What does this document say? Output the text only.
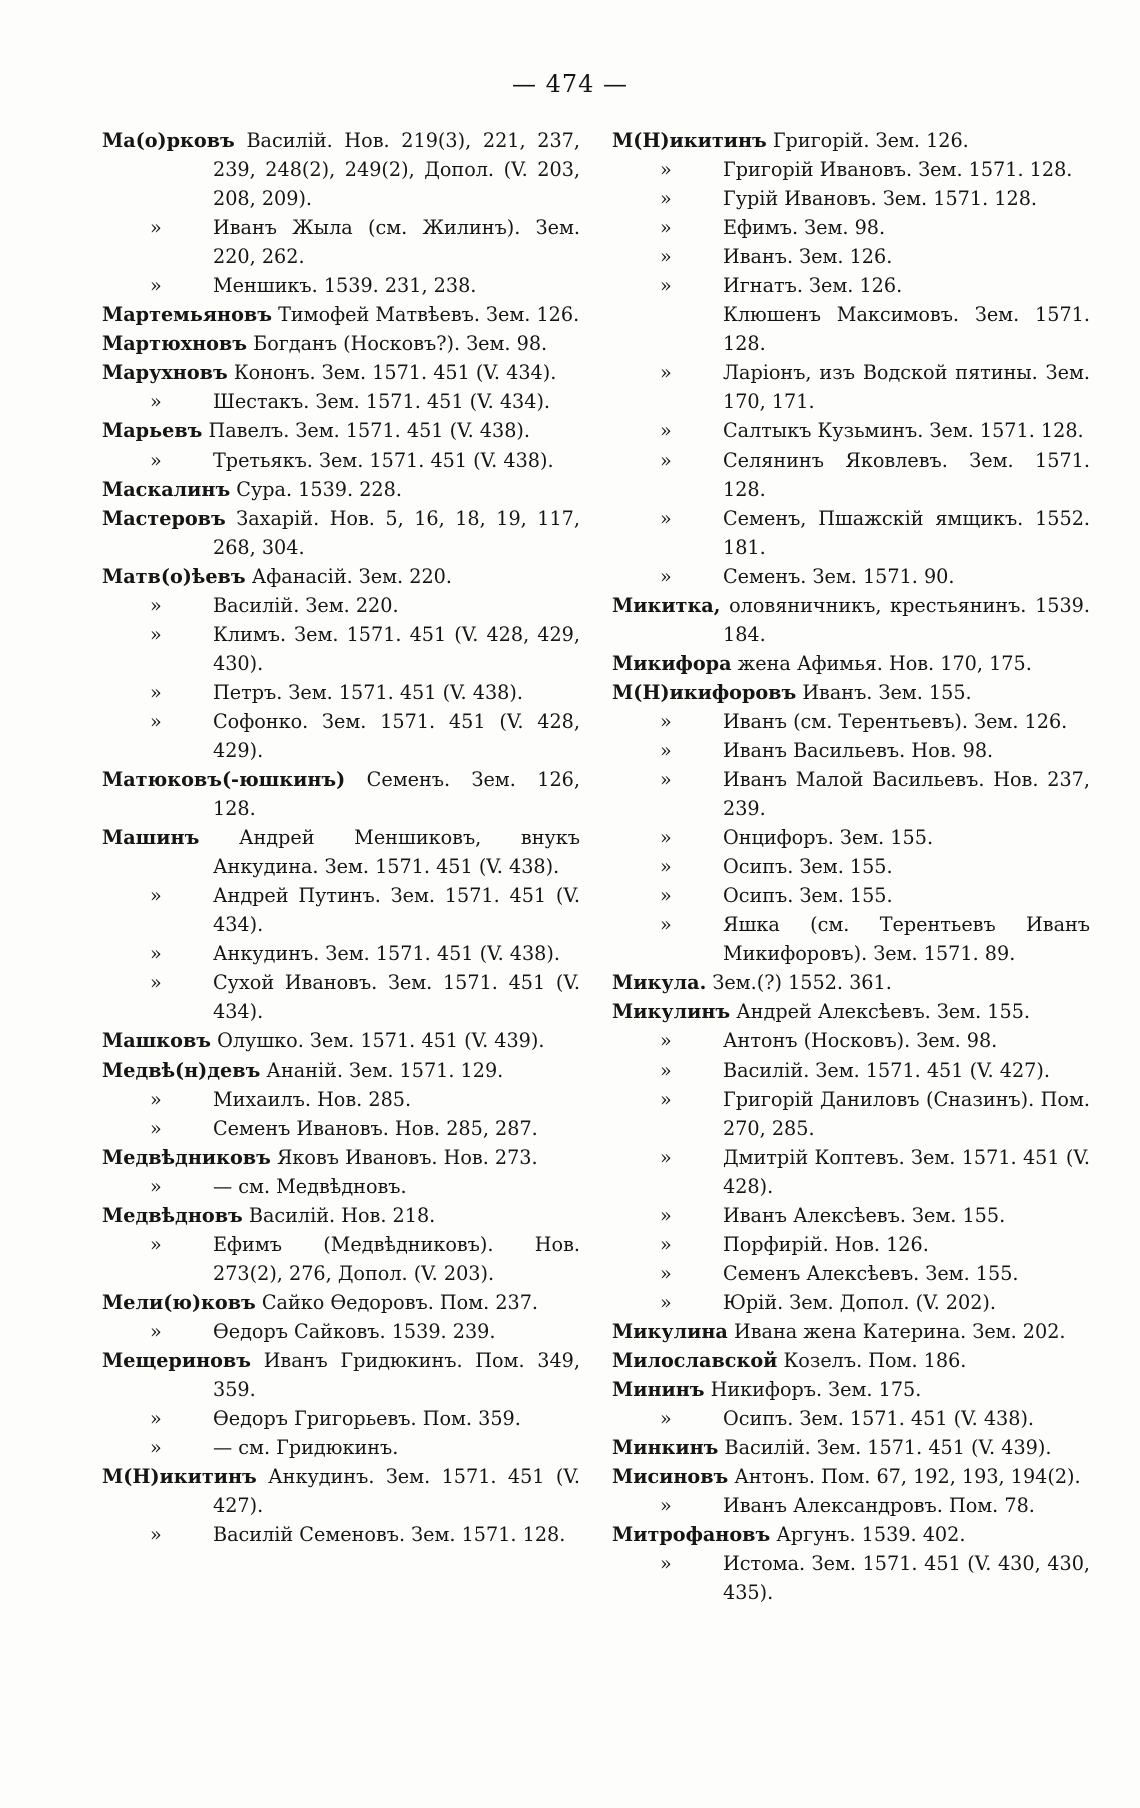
— 474 —

Ма(о)рковъ Василій. Нов. 219(3), 221, 237, 239, 248(2), 249(2), Допол. (V. 203, 208, 209).

»	Иванъ Жыла (см. Жилинъ). Зем. 220, 262.

»	Меншикъ. 1539. 231, 238.

Мартемьяновъ Тимофей Матвѣевъ. Зем. 126.

Мартюхновъ Богданъ (Носковъ?). Зем. 98.

Марухновъ Кононъ. Зем. 1571. 451 (V. 434).

»	Шестакъ. Зем. 1571. 451 (V. 434).

Марьевъ Павелъ. Зем. 1571. 451 (V. 438).

»	Третьякъ. Зем. 1571. 451 (V. 438).

Маскалинъ Сура. 1539. 228.

Мастеровъ Захарій. Нов. 5, 16, 18, 19, 117, 268, 304.

Матв(о)ѣевъ Афанасій. Зем. 220.

»	Василій. Зем. 220.

»	Климъ. Зем. 1571. 451 (V. 428, 429, 430).

»	Петръ. Зем. 1571. 451 (V. 438).

»	Софонко. Зем. 1571. 451 (V. 428, 429).

Матюковъ(-юшкинъ) Семенъ. Зем. 126, 128.

Машинъ Андрей Меншиковъ, внукъ Анкудина. Зем. 1571. 451 (V. 438).

»	Андрей Путинъ. Зем. 1571. 451 (V. 434).

»	Анкудинъ. Зем. 1571. 451 (V. 438).

»	Сухой Ивановъ. Зем. 1571. 451 (V. 434).

Машковъ Олушко. Зем. 1571. 451 (V. 439).

Медвѣ(н)девъ Ананій. Зем. 1571. 129.

»	Михаилъ. Нов. 285.

»	Семенъ Ивановъ. Нов. 285, 287.

Медвѣдниковъ Яковъ Ивановъ. Нов. 273.

»	— см. Медвѣдновъ.

Медвѣдновъ Василій. Нов. 218.

»	Ефимъ (Медвѣдниковъ). Нов. 273(2), 276, Допол. (V. 203).

Мели(ю)ковъ Сайко Өедоровъ. Пом. 237.

»	Өедоръ Сайковъ. 1539. 239.

Мещериновъ Иванъ Гридюкинъ. Пом. 349, 359.

»	Өедоръ Григорьевъ. Пом. 359.

»	— см. Гридюкинъ.

М(Н)икитинъ Анкудинъ. Зем. 1571. 451 (V. 427).

»	Василій Семеновъ. Зем. 1571. 128.

М(Н)икитинъ Григорій. Зем. 126.

»	Григорій Ивановъ. Зем. 1571. 128.

»	Гурій Ивановъ. Зем. 1571. 128.

»	Ефимъ. Зем. 98.

»	Иванъ. Зем. 126.

»	Игнатъ. Зем. 126.

Клюшенъ Максимовъ. Зем. 1571. 128.

»	Ларіонъ, изъ Водской пятины. Зем. 170, 171.

»	Салтыкъ Кузьминъ. Зем. 1571. 128.

»	Селянинъ Яковлевъ. Зем. 1571. 128.

»	Семенъ, Пшажскій ямщикъ. 1552. 181.

»	Семенъ. Зем. 1571. 90.

Микитка, оловяничникъ, крестьянинъ. 1539. 184.

Микифора жена Афимья. Нов. 170, 175.

М(Н)икифоровъ Иванъ. Зем. 155.

»	Иванъ (см. Терентьевъ). Зем. 126.

»	Иванъ Васильевъ. Нов. 98.

»	Иванъ Малой Васильевъ. Нов. 237, 239.

»	Онцифоръ. Зем. 155.

»	Осипъ. Зем. 155.

»	Осипъ. Зем. 155.

»	Яшка (см. Терентьевъ Иванъ Микифоровъ). Зем. 1571. 89.

Микула. Зем.(?) 1552. 361.

Микулинъ Андрей Алексѣевъ. Зем. 155.

»	Антонъ (Носковъ). Зем. 98.

»	Василій. Зем. 1571. 451 (V. 427).

»	Григорій Даниловъ (Сназинъ). Пом. 270, 285.

»	Дмитрій Коптевъ. Зем. 1571. 451 (V. 428).

»	Иванъ Алексѣевъ. Зем. 155.

»	Порфирій. Нов. 126.

»	Семенъ Алексѣевъ. Зем. 155.

»	Юрій. Зем. Допол. (V. 202).

Микулина Ивана жена Катерина. Зем. 202.

Милославской Козелъ. Пом. 186.

Мининъ Никифоръ. Зем. 175.

»	Осипъ. Зем. 1571. 451 (V. 438).

Минкинъ Василій. Зем. 1571. 451 (V. 439).

Мисиновъ Антонъ. Пом. 67, 192, 193, 194(2).

»	Иванъ Александровъ. Пом. 78.

Митрофановъ Аргунъ. 1539. 402.

»	Истома. Зем. 1571. 451 (V. 430, 430, 435).
